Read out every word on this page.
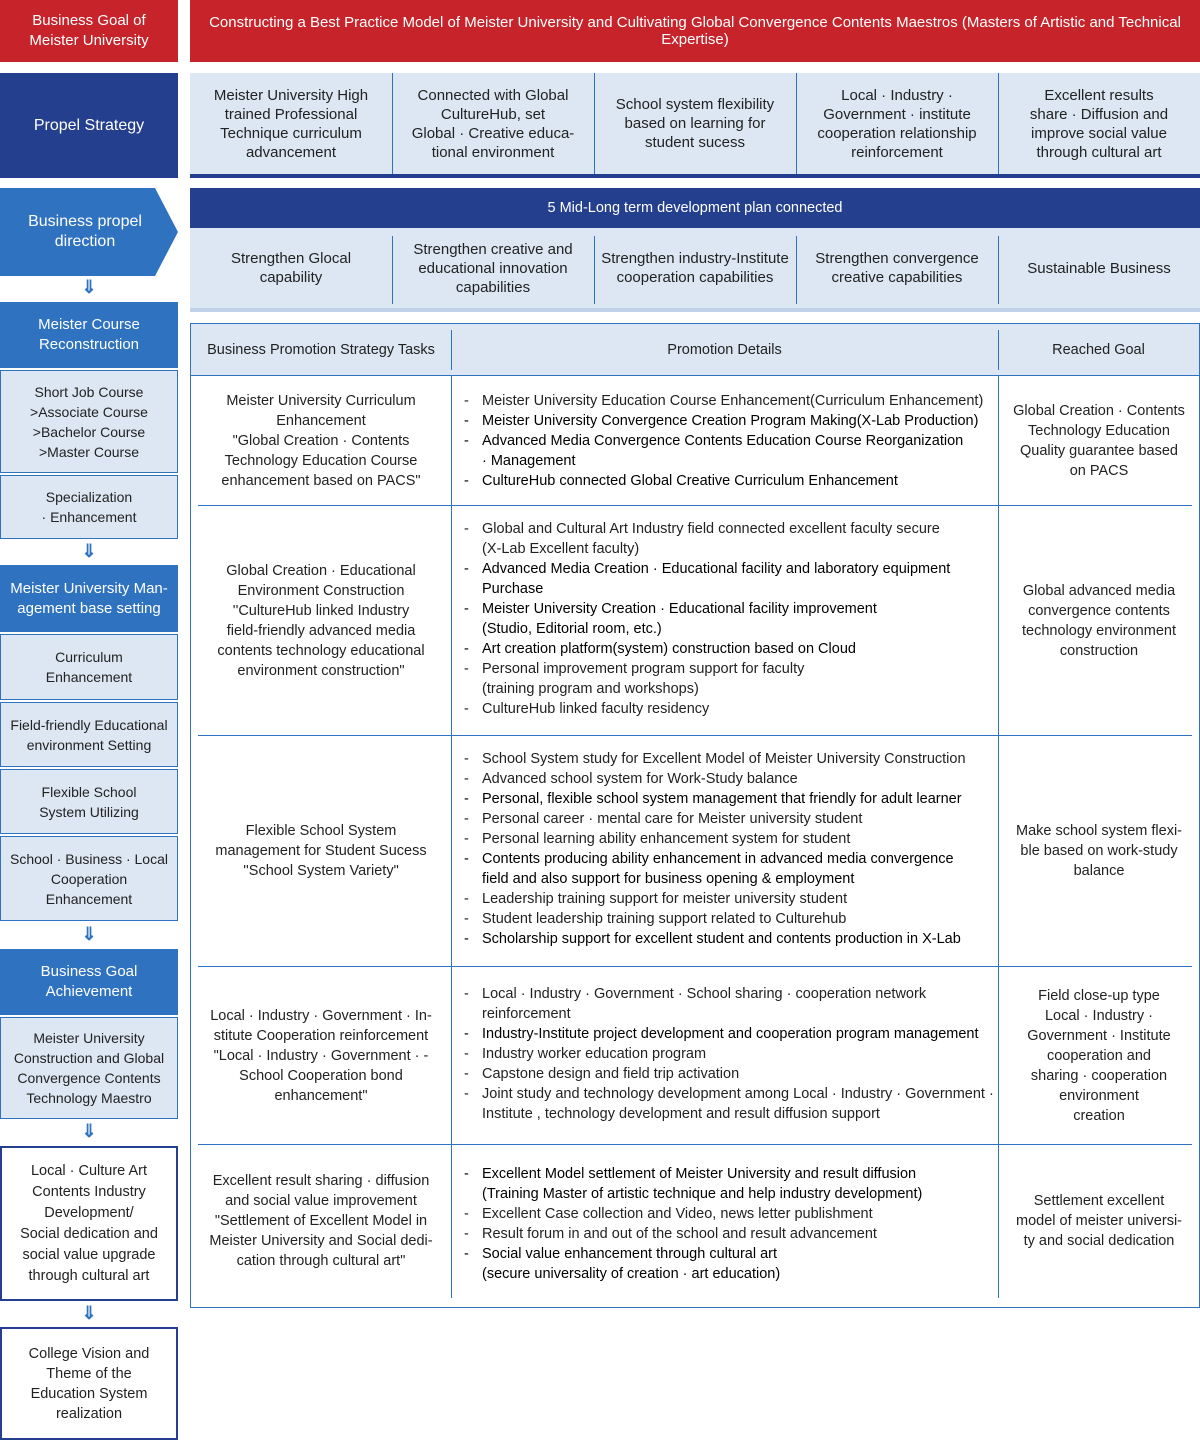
Business Goal of
Meister University
Constructing a Best Practice Model of Meister University and Cultivating Global Convergence Contents Maestros (Masters of Artistic and Technical Expertise)
Propel Strategy
Meister University High
trained Professional
Technique curriculum
advancement
Connected with Global
CultureHub, set
Global · Creative educa-
tional environment
School system flexibility
based on learning for
student sucess
Local · Industry ·
Government · institute
cooperation relationship
reinforcement
Excellent results
share · Diffusion and
improve social value
through cultural art
Business propel
direction
5 Mid-Long term development plan connected
Strengthen Glocal
capability
Strengthen creative and
educational innovation
capabilities
Strengthen industry-Institute
cooperation capabilities
Strengthen convergence
creative capabilities
Sustainable Business
⇓
Meister Course
Reconstruction
Short Job Course
>Associate Course
>Bachelor Course
>Master Course
Specialization
· Enhancement
⇓
Meister University Man-
agement base setting
Curriculum
Enhancement
Field-friendly Educational
environment Setting
Flexible School
System Utilizing
School · Business · Local
Cooperation
Enhancement
⇓
Business Goal
Achievement
Meister University
Construction and Global
Convergence Contents
Technology Maestro
⇓
Local · Culture Art
Contents Industry
Development/
Social dedication and
social value upgrade
through cultural art
⇓
College Vision and
Theme of the
Education System
realization
Business Promotion Strategy Tasks	Promotion Details	Reached Goal
Meister University Curriculum
Enhancement
"Global Creation · Contents
Technology Education Course
enhancement based on PACS"
- Meister University Education Course Enhancement(Curriculum Enhancement)
- Meister University Convergence Creation Program Making(X-Lab Production)
- Advanced Media Convergence Contents Education Course Reorganization
· Management
- CultureHub connected Global Creative Curriculum Enhancement
Global Creation · Contents
Technology Education
Quality guarantee based
on PACS
Global Creation · Educational
Environment Construction
''CultureHub linked Industry
field-friendly advanced media
contents technology educational
environment construction"
- Global and Cultural Art Industry field connected excellent faculty secure
(X-Lab Excellent faculty)
- Advanced Media Creation · Educational facility and laboratory equipment
Purchase
- Meister University Creation · Educational facility improvement
(Studio, Editorial room, etc.)
- Art creation platform(system) construction based on Cloud
- Personal improvement program support for faculty
(training program and workshops)
- CultureHub linked faculty residency
Global advanced media
convergence contents
technology environment
construction
Flexible School System
management for Student Sucess
''School System Variety"
- School System study for Excellent Model of Meister University Construction
- Advanced school system for Work-Study balance
- Personal, flexible school system management that friendly for adult learner
- Personal career · mental care for Meister university student
- Personal learning ability enhancement system for student
- Contents producing ability enhancement in advanced media convergence
field and also support for business opening & employment
- Leadership training support for meister university student
- Student leadership training support related to Culturehub
- Scholarship support for excellent student and contents production in X-Lab
Make school system flexi-
ble based on work-study
balance
Local · Industry · Government · In-
stitute Cooperation reinforcement
"Local · Industry · Government · -
School Cooperation bond
enhancement"
- Local · Industry · Government · School sharing · cooperation network
reinforcement
- Industry-Institute project development and cooperation program management
- Industry worker education program
- Capstone design and field trip activation
- Joint study and technology development among Local · Industry · Government ·
Institute , technology development and result diffusion support
Field close-up type
Local · Industry ·
Government · Institute
cooperation and
sharing · cooperation
environment
creation
Excellent result sharing · diffusion
and social value improvement
"Settlement of Excellent Model in
Meister University and Social dedi-
cation through cultural art"
- Excellent Model settlement of Meister University and result diffusion
(Training Master of artistic technique and help industry development)
- Excellent Case collection and Video, news letter publishment
- Result forum in and out of the school and result advancement
- Social value enhancement through cultural art
(secure universality of creation · art education)
Settlement excellent
model of meister universi-
ty and social dedication
